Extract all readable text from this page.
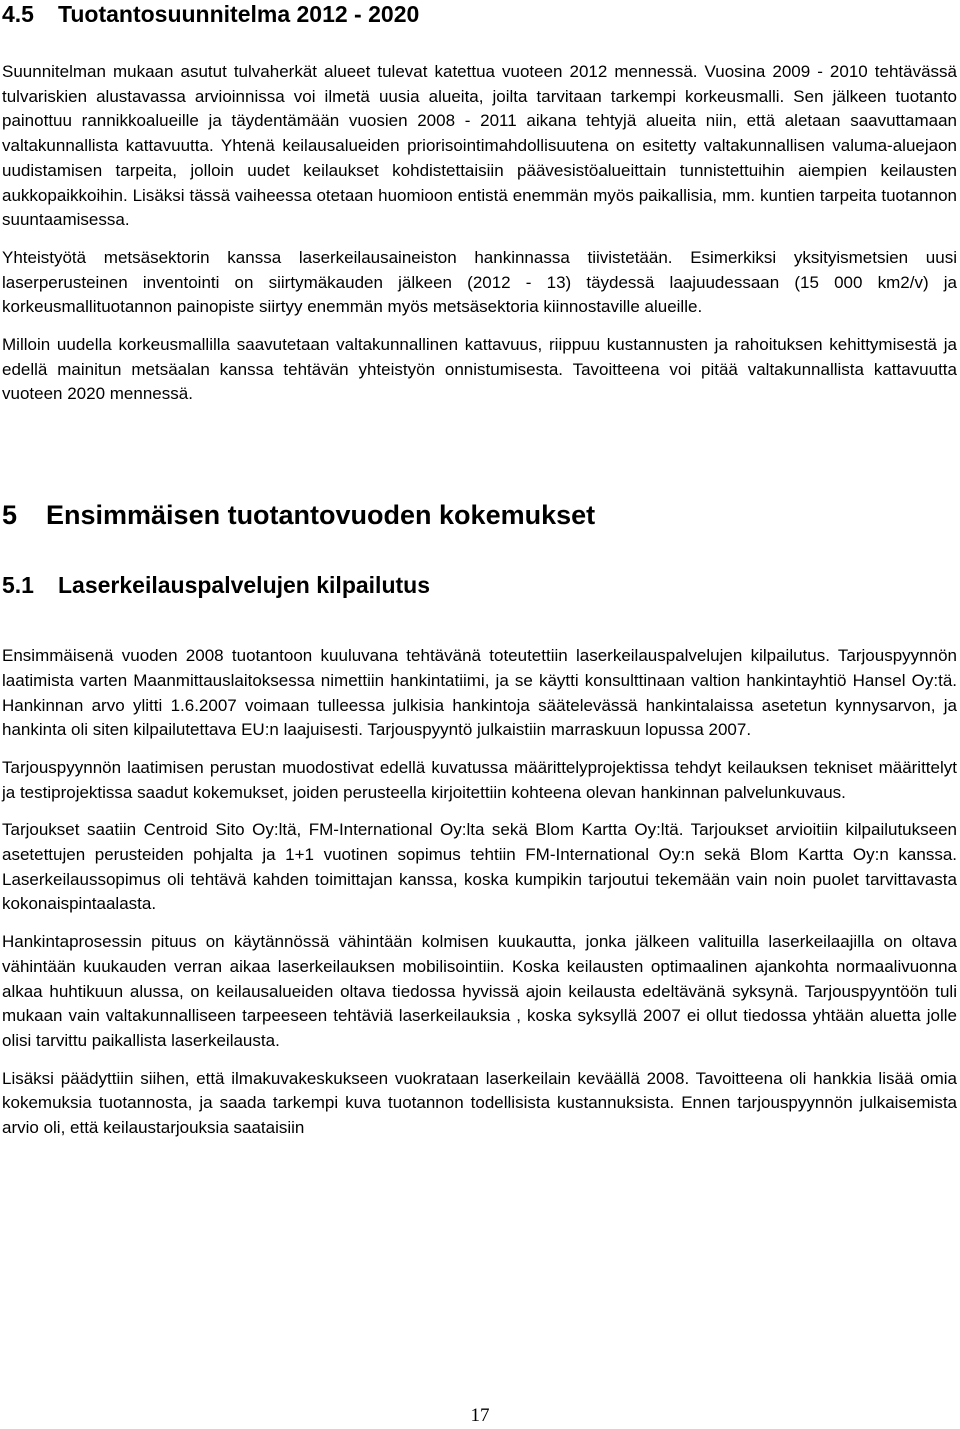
4.5	Tuotantosuunnitelma 2012 - 2020

Suunnitelman mukaan asutut tulvaherkät alueet tulevat katettua vuoteen 2012 mennessä. Vuosina 2009 - 2010 tehtävässä tulvariskien alustavassa arvioinnissa voi ilmetä uusia alueita, joilta tarvitaan tarkempi korkeusmalli. Sen jälkeen tuotanto painottuu rannikkoalueille ja täydentämään vuosien 2008 - 2011 aikana tehtyjä alueita niin, että aletaan saavuttamaan valtakunnallista kattavuutta. Yhtenä keilausalueiden priorisointimahdollisuutena on esitetty valtakunnallisen valuma-aluejaon uudistamisen tarpeita, jolloin uudet keilaukset kohdistettaisiin päävesistöalueittain tunnistettuihin aiempien keilausten aukkopaikkoihin. Lisäksi tässä vaiheessa otetaan huomioon entistä enemmän myös paikallisia, mm. kuntien tarpeita tuotannon suuntaamisessa.

Yhteistyötä metsäsektorin kanssa laserkeilausaineiston hankinnassa tiivistetään. Esimerkiksi yksityismetsien uusi laserperusteinen inventointi on siirtymäkauden jälkeen (2012 - 13) täydessä laajuudessaan (15 000 km2/v) ja korkeusmallituotannon painopiste siirtyy enemmän myös metsäsektoria kiinnostaville alueille.

Milloin uudella korkeusmallilla saavutetaan valtakunnallinen kattavuus, riippuu kustannusten ja rahoituksen kehittymisestä ja edellä mainitun metsäalan kanssa tehtävän yhteistyön onnistumisesta. Tavoitteena voi pitää valtakunnallista kattavuutta vuoteen 2020 mennessä.

5	Ensimmäisen tuotantovuoden kokemukset
5.1	Laserkeilauspalvelujen kilpailutus

Ensimmäisenä vuoden 2008 tuotantoon kuuluvana tehtävänä toteutettiin laserkeilauspalvelujen kilpailutus. Tarjouspyynnön laatimista varten Maanmittauslaitoksessa nimettiin hankintatiimi, ja se käytti konsulttinaan valtion hankintayhtiö Hansel Oy:tä. Hankinnan arvo ylitti 1.6.2007 voimaan tulleessa julkisia hankintoja säätelevässä hankintalaissa asetetun kynnysarvon, ja hankinta oli siten kilpailutettava EU:n laajuisesti. Tarjouspyyntö julkaistiin marraskuun lopussa 2007.

Tarjouspyynnön laatimisen perustan muodostivat edellä kuvatussa määrittelyprojektissa tehdyt keilauksen tekniset määrittelyt ja testiprojektissa saadut kokemukset, joiden perusteella kirjoitettiin kohteena olevan hankinnan palvelunkuvaus.

Tarjoukset saatiin Centroid Sito Oy:ltä, FM-International Oy:lta sekä Blom Kartta Oy:ltä. Tarjoukset arvioitiin kilpailutukseen asetettujen perusteiden pohjalta ja 1+1 vuotinen sopimus tehtiin FM-International Oy:n sekä Blom Kartta Oy:n kanssa. Laserkeilaussopimus oli tehtävä kahden toimittajan kanssa, koska kumpikin tarjoutui tekemään vain noin puolet tarvittavasta kokonaispintaalasta.

Hankintaprosessin pituus on käytännössä vähintään kolmisen kuukautta, jonka jälkeen valituilla laserkeilaajilla on oltava vähintään kuukauden verran aikaa laserkeilauksen mobilisointiin. Koska keilausten optimaalinen ajankohta normaalivuonna alkaa huhtikuun alussa, on keilausalueiden oltava tiedossa hyvissä ajoin keilausta edeltävänä syksynä. Tarjouspyyntöön tuli mukaan vain valtakunnalliseen tarpeeseen tehtäviä laserkeilauksia , koska syksyllä 2007 ei ollut tiedossa yhtään aluetta jolle olisi tarvittu paikallista laserkeilausta.

Lisäksi päädyttiin siihen, että ilmakuvakeskukseen vuokrataan laserkeilain keväällä 2008. Tavoitteena oli hankkia lisää omia kokemuksia tuotannosta, ja saada tarkempi kuva tuotannon todellisista kustannuksista. Ennen tarjouspyynnön julkaisemista arvio oli, että keilaustarjouksia saataisiin

17
